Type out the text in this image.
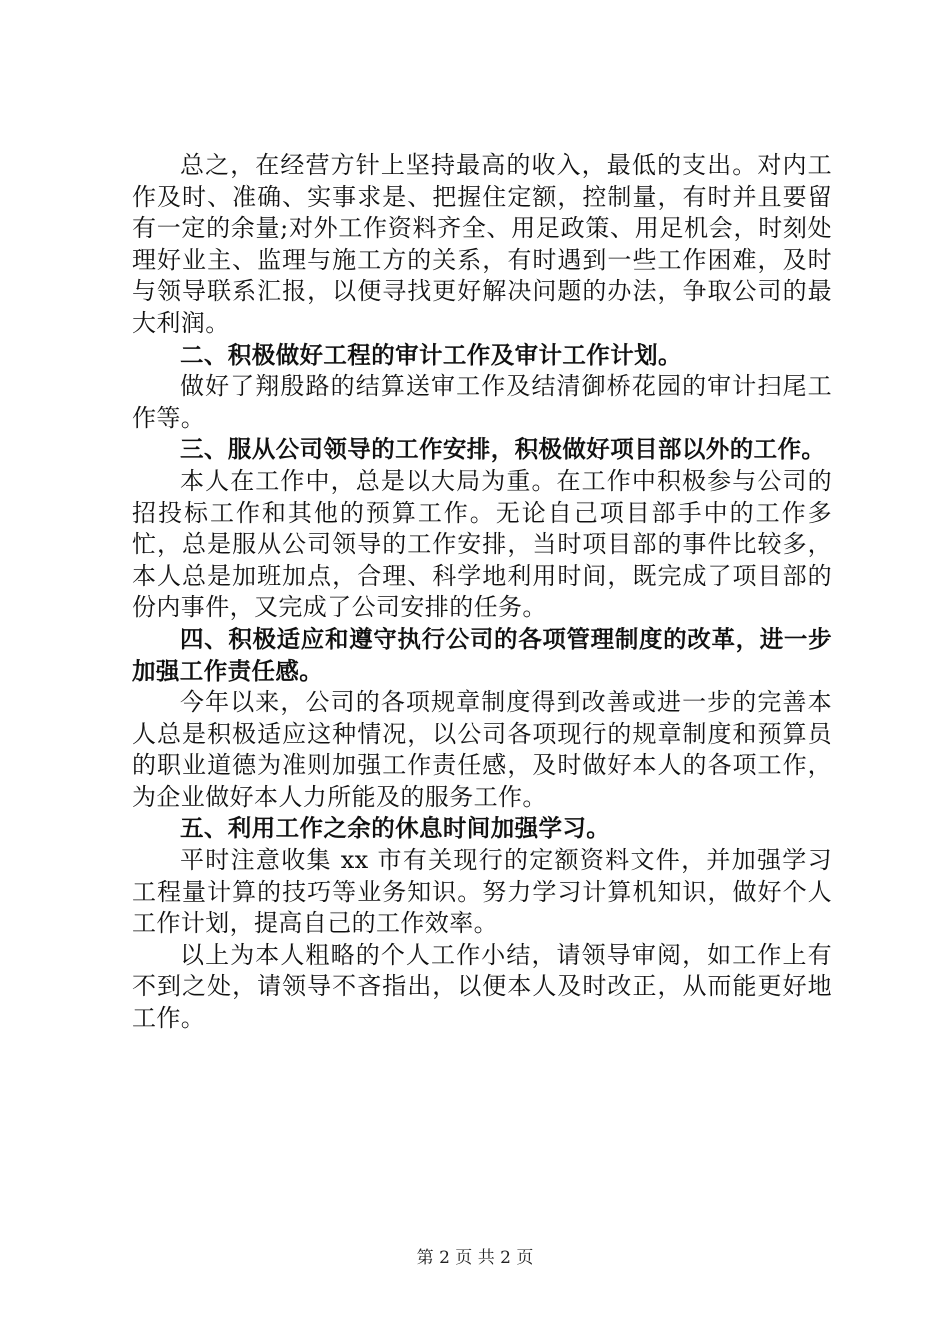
总之，在经营方针上坚持最高的收入，最低的支出。对内工作及时、准确、实事求是、把握住定额，控制量，有时并且要留有一定的余量;对外工作资料齐全、用足政策、用足机会，时刻处理好业主、监理与施工方的关系，有时遇到一些工作困难，及时与领导联系汇报，以便寻找更好解决问题的办法，争取公司的最大利润。

二、积极做好工程的审计工作及审计工作计划。

做好了翔殷路的结算送审工作及结清御桥花园的审计扫尾工作等。

三、服从公司领导的工作安排，积极做好项目部以外的工作。

本人在工作中，总是以大局为重。在工作中积极参与公司的招投标工作和其他的预算工作。无论自己项目部手中的工作多忙，总是服从公司领导的工作安排，当时项目部的事件比较多，本人总是加班加点，合理、科学地利用时间，既完成了项目部的份内事件，又完成了公司安排的任务。

四、积极适应和遵守执行公司的各项管理制度的改革，进一步加强工作责任感。

今年以来，公司的各项规章制度得到改善或进一步的完善本人总是积极适应这种情况，以公司各项现行的规章制度和预算员的职业道德为准则加强工作责任感，及时做好本人的各项工作，为企业做好本人力所能及的服务工作。

五、利用工作之余的休息时间加强学习。

平时注意收集 xx 市有关现行的定额资料文件，并加强学习工程量计算的技巧等业务知识。努力学习计算机知识，做好个人工作计划，提高自己的工作效率。

以上为本人粗略的个人工作小结，请领导审阅，如工作上有不到之处，请领导不吝指出，以便本人及时改正，从而能更好地工作。

第 2 页 共 2 页
